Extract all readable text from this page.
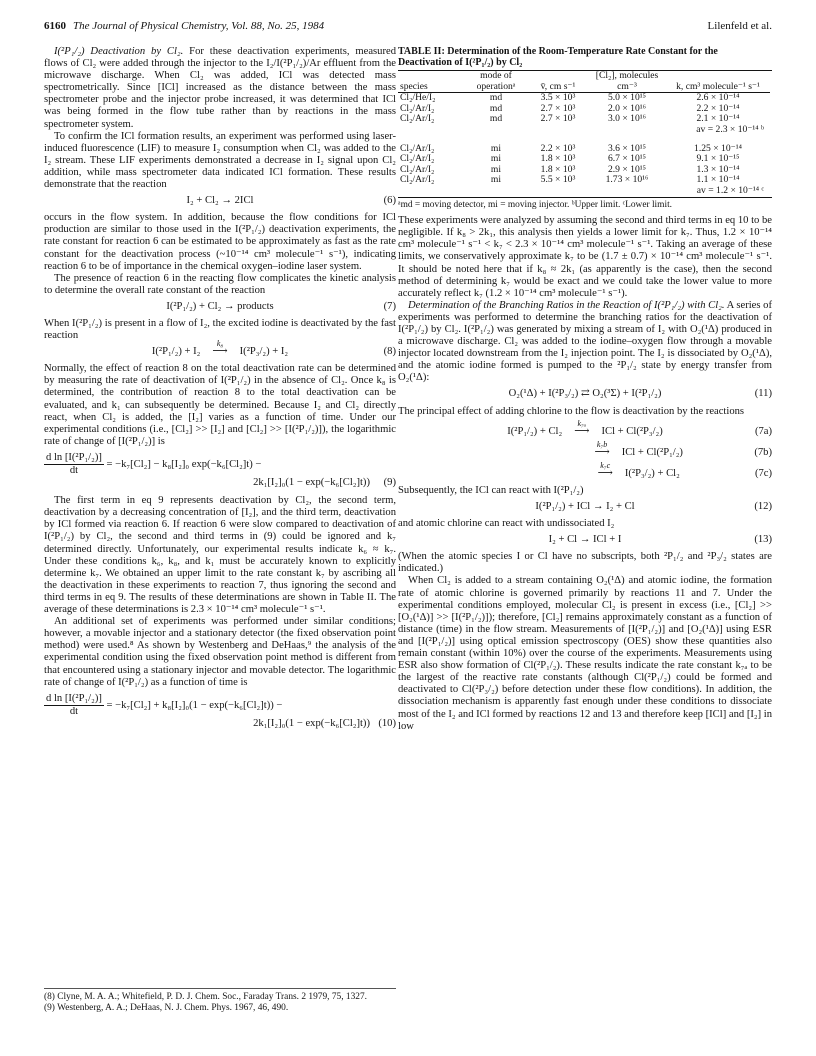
6160 The Journal of Physical Chemistry, Vol. 88, No. 25, 1984	Lilenfeld et al.

I(²P₁/₂) Deactivation by Cl₂. For these deactivation experiments, measured flows of Cl₂ were added through the injector to the I₂/I(²P₁/₂)/Ar effluent from the microwave discharge. When Cl₂ was added, ICl was detected mass spectrometrically. Since [ICl] increased as the distance between the mass spectrometer probe and the injector probe increased, it was determined that ICl was being formed in the flow tube rather than by reactions in the mass spectrometer system.

To confirm the ICl formation results, an experiment was performed using laser-induced fluorescence (LIF) to measure I₂ consumption when Cl₂ was added to the I₂ stream. These LIF experiments demonstrated a decrease in I₂ signal upon Cl₂ addition, while mass spectrometer data indicated ICl formation. These results demonstrate that the reaction

I₂ + Cl₂ → 2ICl	(6)

occurs in the flow system. In addition, because the flow conditions for ICl production are similar to those used in the I(²P₁/₂) deactivation experiments, the rate constant for reaction 6 can be estimated to be approximately as fast as the rate constant for the deactivation process (~10⁻¹⁴ cm³ molecule⁻¹ s⁻¹), indicating reaction 6 to be of importance in the chemical oxygen–iodine laser system.

The presence of reaction 6 in the reacting flow complicates the kinetic analysis to determine the overall rate constant of the reaction

I(²P₁/₂) + Cl₂ → products	(7)

When I(²P₁/₂) is present in a flow of I₂, the excited iodine is deactivated by the fast reaction

I(²P₁/₂) + I₂
k₈
⟶ I(²P₃/₂) + I₂	(8)

Normally, the effect of reaction 8 on the total deactivation rate can be determined by measuring the rate of deactivation of I(²P₁/₂) in the absence of Cl₂. Once k₈ is determined, the contribution of reaction 8 to the total deactivation can be evaluated, and k₁ can subsequently be determined. Because I₂ and Cl₂ directly react, when Cl₂ is added, the [I₂] varies as a function of time. Under our experimental conditions (i.e., [Cl₂] >> [I₂] and [Cl₂] >> [I(²P₁/₂)]), the logarithmic rate of change of [I(²P₁/₂)] is

$\frac{\text{d ln [I(²P₁/₂)]}}{dt} = -k_7[Cl_2] - k_8[I_2]_0$ exp(−k₆[Cl₂]t) −
2k₁[I₂]₀(1 − exp(−k₆[Cl₂]t))	(9)

The first term in eq 9 represents deactivation by Cl₂, the second term, deactivation by a decreasing concentration of [I₂], and the third term, deactivation by ICl formed via reaction 6. If reaction 6 were slow compared to deactivation of I(²P₁/₂) by Cl₂, the second and third terms in (9) could be ignored and k₇ determined directly. Unfortunately, our experimental results indicate k₆ ≈ k₇. Under these conditions k₆, k₈, and k₁ must be accurately known to explicitly determine k₇. We obtained an upper limit to the rate constant k₇ by ascribing all the deactivation in these experiments to reaction 7, thus ignoring the second and third terms in eq 9. The results of these determinations are shown in Table II. The average of these determinations is 2.3 × 10⁻¹⁴ cm³ molecule⁻¹ s⁻¹.

An additional set of experiments was performed under similar conditions; however, a movable injector and a stationary detector (the fixed observation point method) were used.⁸ As shown by Westenberg and DeHaas,⁹ the analysis of the experimental condition using the fixed observation point method is different from that encountered using a stationary injector and movable detector. The logarithmic rate of change of I(²P₁/₂) as a function of time is

$\frac{\text{d ln [I(²P₁/₂)]}}{dt} = -k_7[Cl_2] + k_8[I_2]_0(1 - \exp(-k_6[Cl_2]t))$ −
2k₁[I₂]₀(1 − exp(−k₆[Cl₂]t)) (10)
(8) Clyne, M. A. A.; Whitefield, P. D. J. Chem. Soc., Faraday Trans. 2 1979, 75, 1327.
(9) Westenberg, A. A.; DeHaas, N. J. Chem. Phys. 1967, 46, 490.
TABLE II: Determination of the Room-Temperature Rate Constant for the Deactivation of I(²P₁/₂) by Cl₂
species	mode of operationᵃ	v̄, cm s⁻¹	[Cl₂], molecules cm⁻³	k, cm³ molecule⁻¹ s⁻¹
Cl₂/He/I₂	md	3.5 × 10³	5.0 × 10¹⁵	2.6 × 10⁻¹⁴
Cl₂/Ar/I₂	md	2.7 × 10³	2.0 × 10¹⁶	2.2 × 10⁻¹⁴
Cl₂/Ar/I₂	md	2.7 × 10³	3.0 × 10¹⁶	2.1 × 10⁻¹⁴
av = 2.3 × 10⁻¹⁴ ᵇ				

Cl₂/Ar/I₂	mi	2.2 × 10³	3.6 × 10¹⁵	1.25 × 10⁻¹⁴
Cl₂/Ar/I₂	mi	1.8 × 10³	6.7 × 10¹⁵	9.1 × 10⁻¹⁵
Cl₂/Ar/I₂	mi	1.8 × 10³	2.9 × 10¹⁵	1.3 × 10⁻¹⁴
Cl₂/Ar/I₂	mi	5.5 × 10³	1.73 × 10¹⁶	1.1 × 10⁻¹⁴
av = 1.2 × 10⁻¹⁴ ᶜ				
ᵃmd = moving detector, mi = moving injector. ᵇUpper limit. ᶜLower limit.

These experiments were analyzed by assuming the second and third terms in eq 10 to be negligible. If k₈ > 2k₁, this analysis then yields a lower limit for k₇. Thus, 1.2 × 10⁻¹⁴ cm³ molecule⁻¹ s⁻¹ < k₇ < 2.3 × 10⁻¹⁴ cm³ molecule⁻¹ s⁻¹. Taking an average of these limits, we conservatively approximate k₇ to be (1.7 ± 0.7) × 10⁻¹⁴ cm³ molecule⁻¹ s⁻¹. It should be noted here that if k₈ ≈ 2k₁ (as apparently is the case), then the second method of determining k₇ would be exact and we could take the lower value to more accurately reflect k₇ (1.2 × 10⁻¹⁴ cm³ molecule⁻¹ s⁻¹).

Determination of the Branching Ratios in the Reaction of I(²P₁/₂) with Cl₂. A series of experiments was performed to determine the branching ratios for the deactivation of I(²P₁/₂) by Cl₂. I(²P₁/₂) was generated by mixing a stream of I₂ with O₂(¹Δ) produced in a microwave discharge. Cl₂ was added to the iodine–oxygen flow through a movable injector located downstream from the I₂ injection point. The I₂ is dissociated by O₂(¹Δ), and the atomic iodine formed is pumped to the ²P₁/₂ state by energy transfer from O₂(¹Δ):

O₂(¹Δ) + I(²P₃/₂) ⇄ O₂(³Σ) + I(²P₁/₂)	(11)

The principal effect of adding chlorine to the flow is deactivation by the reactions

I(²P₁/₂) + Cl₂
k₇ₐ
⟶ ICl + Cl(²P₃/₂)	(7a)
k₇b
⟶ ICl + Cl(²P₁/₂)	(7b)
k₇c
⟶ I(²P₃/₂) + Cl₂	(7c)

Subsequently, the ICl can react with I(²P₁/₂)

I(²P₁/₂) + ICl → I₂ + Cl	(12)

and atomic chlorine can react with undissociated I₂

I₂ + Cl → ICl + I	(13)

(When the atomic species I or Cl have no subscripts, both ²P₁/₂ and ²P₃/₂ states are indicated.)

When Cl₂ is added to a stream containing O₂(¹Δ) and atomic iodine, the formation rate of atomic chlorine is governed primarily by reactions 11 and 7. Under the experimental conditions employed, molecular Cl₂ is present in excess (i.e., [Cl₂] >> [O₂(¹Δ)] >> [I(²P₁/₂)]); therefore, [Cl₂] remains approximately constant as a function of distance (time) in the flow stream. Measurements of [I(²P₁/₂)] and [O₂(¹Δ)] using ESR and [I(²P₁/₂)] using optical emission spectroscopy (OES) show these quantities also remain constant (within 10%) over the course of the experiments. Measurements using ESR also show formation of Cl(²P₁/₂). These results indicate the rate constant k₇ₐ to be the largest of the reactive rate constants (although Cl(²P₁/₂) could be formed and deactivated to Cl(²P₃/₂) before detection under these flow conditions). In addition, the dissociation mechanism is apparently fast enough under these conditions to dissociate most of the I₂ and ICl formed by reactions 12 and 13 and therefore keep [ICl] and [I₂] in low
